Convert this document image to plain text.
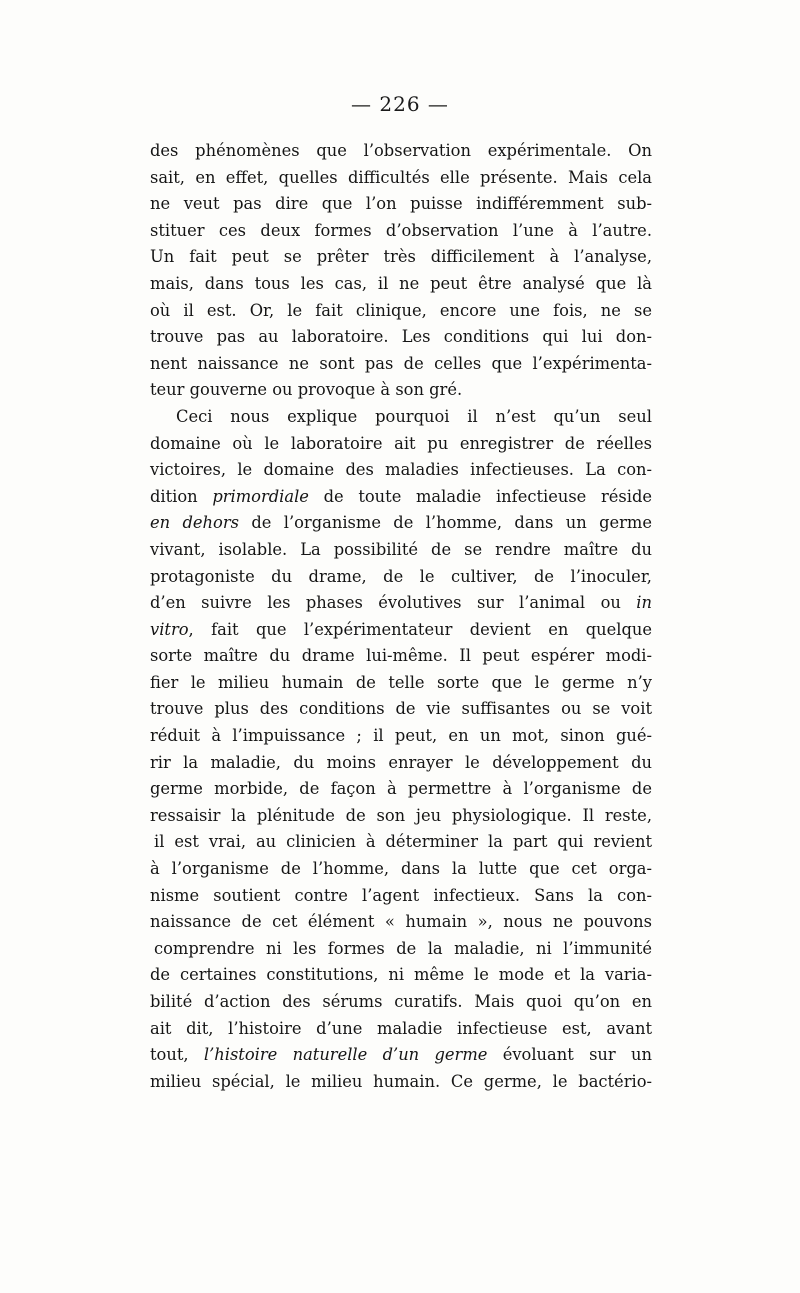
— 226 —
des phénomènes que l’observation expérimentale. On
sait, en effet, quelles difficultés elle présente. Mais cela
ne veut pas dire que l’on puisse indifféremment sub-
stituer ces deux formes d’observation l’une à l’autre.
Un fait peut se prêter très difficilement à l’analyse,
mais, dans tous les cas, il ne peut être analysé que là
où il est. Or, le fait clinique, encore une fois, ne se
trouve pas au laboratoire. Les conditions qui lui don-
nent naissance ne sont pas de celles que l’expérimenta-
teur gouverne ou provoque à son gré.
Ceci nous explique pourquoi il n’est qu’un seul
domaine où le laboratoire ait pu enregistrer de réelles
victoires, le domaine des maladies infectieuses. La con-
dition primordiale de toute maladie infectieuse réside
en dehors de l’organisme de l’homme, dans un germe
vivant, isolable. La possibilité de se rendre maître du
protagoniste du drame, de le cultiver, de l’inoculer,
d’en suivre les phases évolutives sur l’animal ou in
vitro, fait que l’expérimentateur devient en quelque
sorte maître du drame lui-même. Il peut espérer modi-
fier le milieu humain de telle sorte que le germe n’y
trouve plus des conditions de vie suffisantes ou se voit
réduit à l’impuissance ; il peut, en un mot, sinon gué-
rir la maladie, du moins enrayer le développement du
germe morbide, de façon à permettre à l’organisme de
ressaisir la plénitude de son jeu physiologique. Il reste,
il est vrai, au clinicien à déterminer la part qui revient
à l’organisme de l’homme, dans la lutte que cet orga-
nisme soutient contre l’agent infectieux. Sans la con-
naissance de cet élément « humain », nous ne pouvons
comprendre ni les formes de la maladie, ni l’immunité
de certaines constitutions, ni même le mode et la varia-
bilité d’action des sérums curatifs. Mais quoi qu’on en
ait dit, l’histoire d’une maladie infectieuse est, avant
tout, l’histoire naturelle d’un germe évoluant sur un
milieu spécial, le milieu humain. Ce germe, le bactério-
